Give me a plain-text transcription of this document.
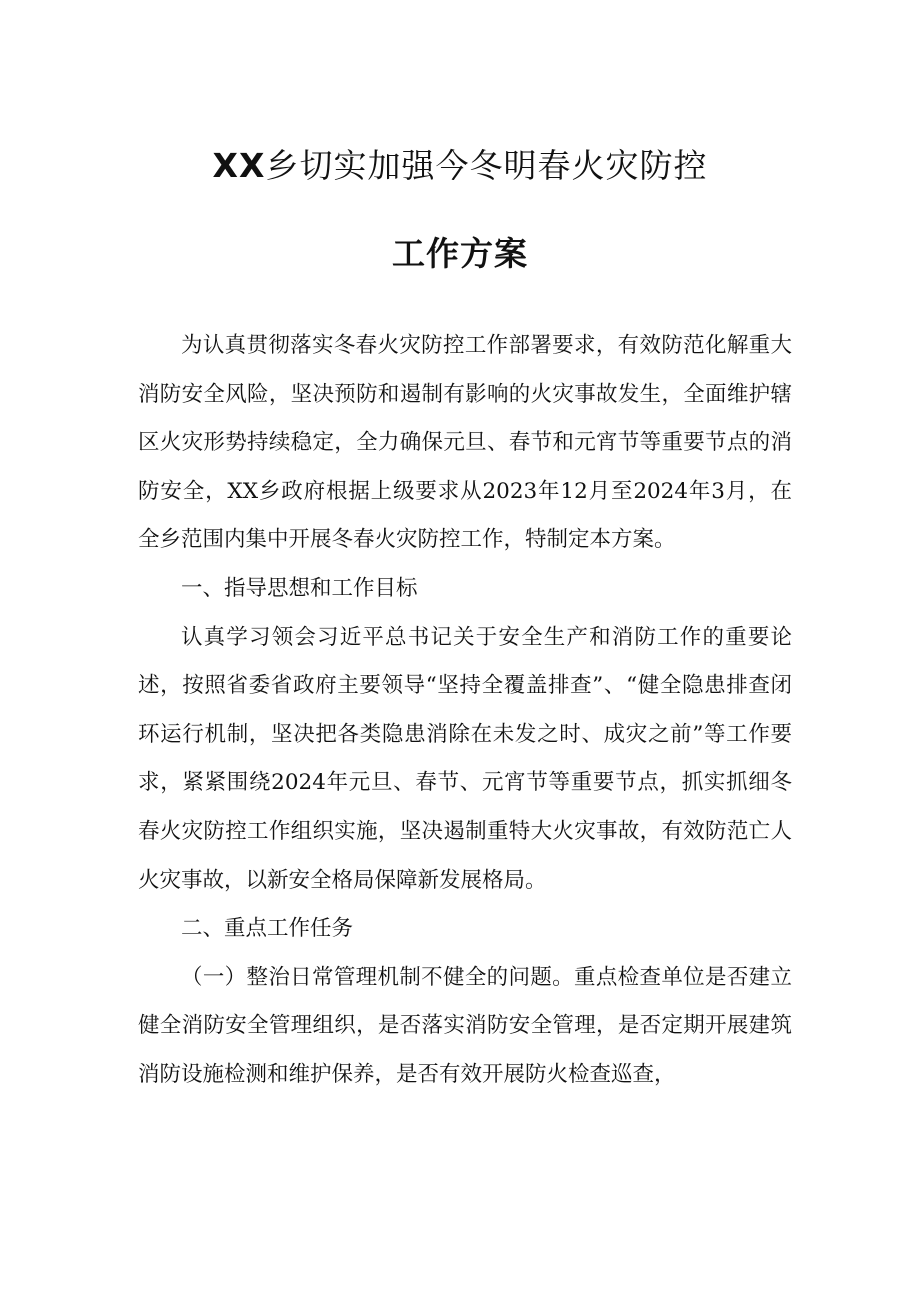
XX乡切实加强今冬明春火灾防控
工作方案

为认真贯彻落实冬春火灾防控工作部署要求，有效防范化解重大消防安全风险，坚决预防和遏制有影响的火灾事故发生，全面维护辖区火灾形势持续稳定，全力确保元旦、春节和元宵节等重要节点的消防安全，XX乡政府根据上级要求从2023年12月至2024年3月，在全乡范围内集中开展冬春火灾防控工作，特制定本方案。

一、指导思想和工作目标

认真学习领会习近平总书记关于安全生产和消防工作的重要论述，按照省委省政府主要领导“坚持全覆盖排查”、“健全隐患排查闭环运行机制，坚决把各类隐患消除在未发之时、成灾之前”等工作要求，紧紧围绕2024年元旦、春节、元宵节等重要节点，抓实抓细冬春火灾防控工作组织实施，坚决遏制重特大火灾事故，有效防范亡人火灾事故，以新安全格局保障新发展格局。

二、重点工作任务

（一）整治日常管理机制不健全的问题。重点检查单位是否建立健全消防安全管理组织，是否落实消防安全管理，是否定期开展建筑消防设施检测和维护保养，是否有效开展防火检查巡查，
